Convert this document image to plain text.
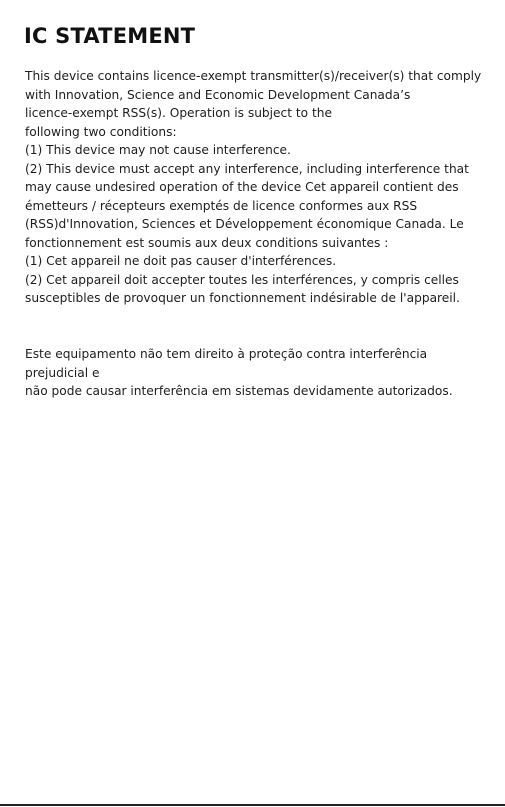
IC STATEMENT
This device contains licence-exempt transmitter(s)/receiver(s) that comply
with Innovation, Science and Economic Development Canada’s
licence-exempt RSS(s). Operation is subject to the
following two conditions:
(1) This device may not cause interference.
(2) This device must accept any interference, including interference that
may cause undesired operation of the device Cet appareil contient des
émetteurs / récepteurs exemptés de licence conformes aux RSS
(RSS)d'Innovation, Sciences et Développement économique Canada. Le
fonctionnement est soumis aux deux conditions suivantes :
(1) Cet appareil ne doit pas causer d'interférences.
(2) Cet appareil doit accepter toutes les interférences, y compris celles
susceptibles de provoquer un fonctionnement indésirable de l'appareil.
Este equipamento não tem direito à proteção contra interferência
prejudicial e
não pode causar interferência em sistemas devidamente autorizados.
